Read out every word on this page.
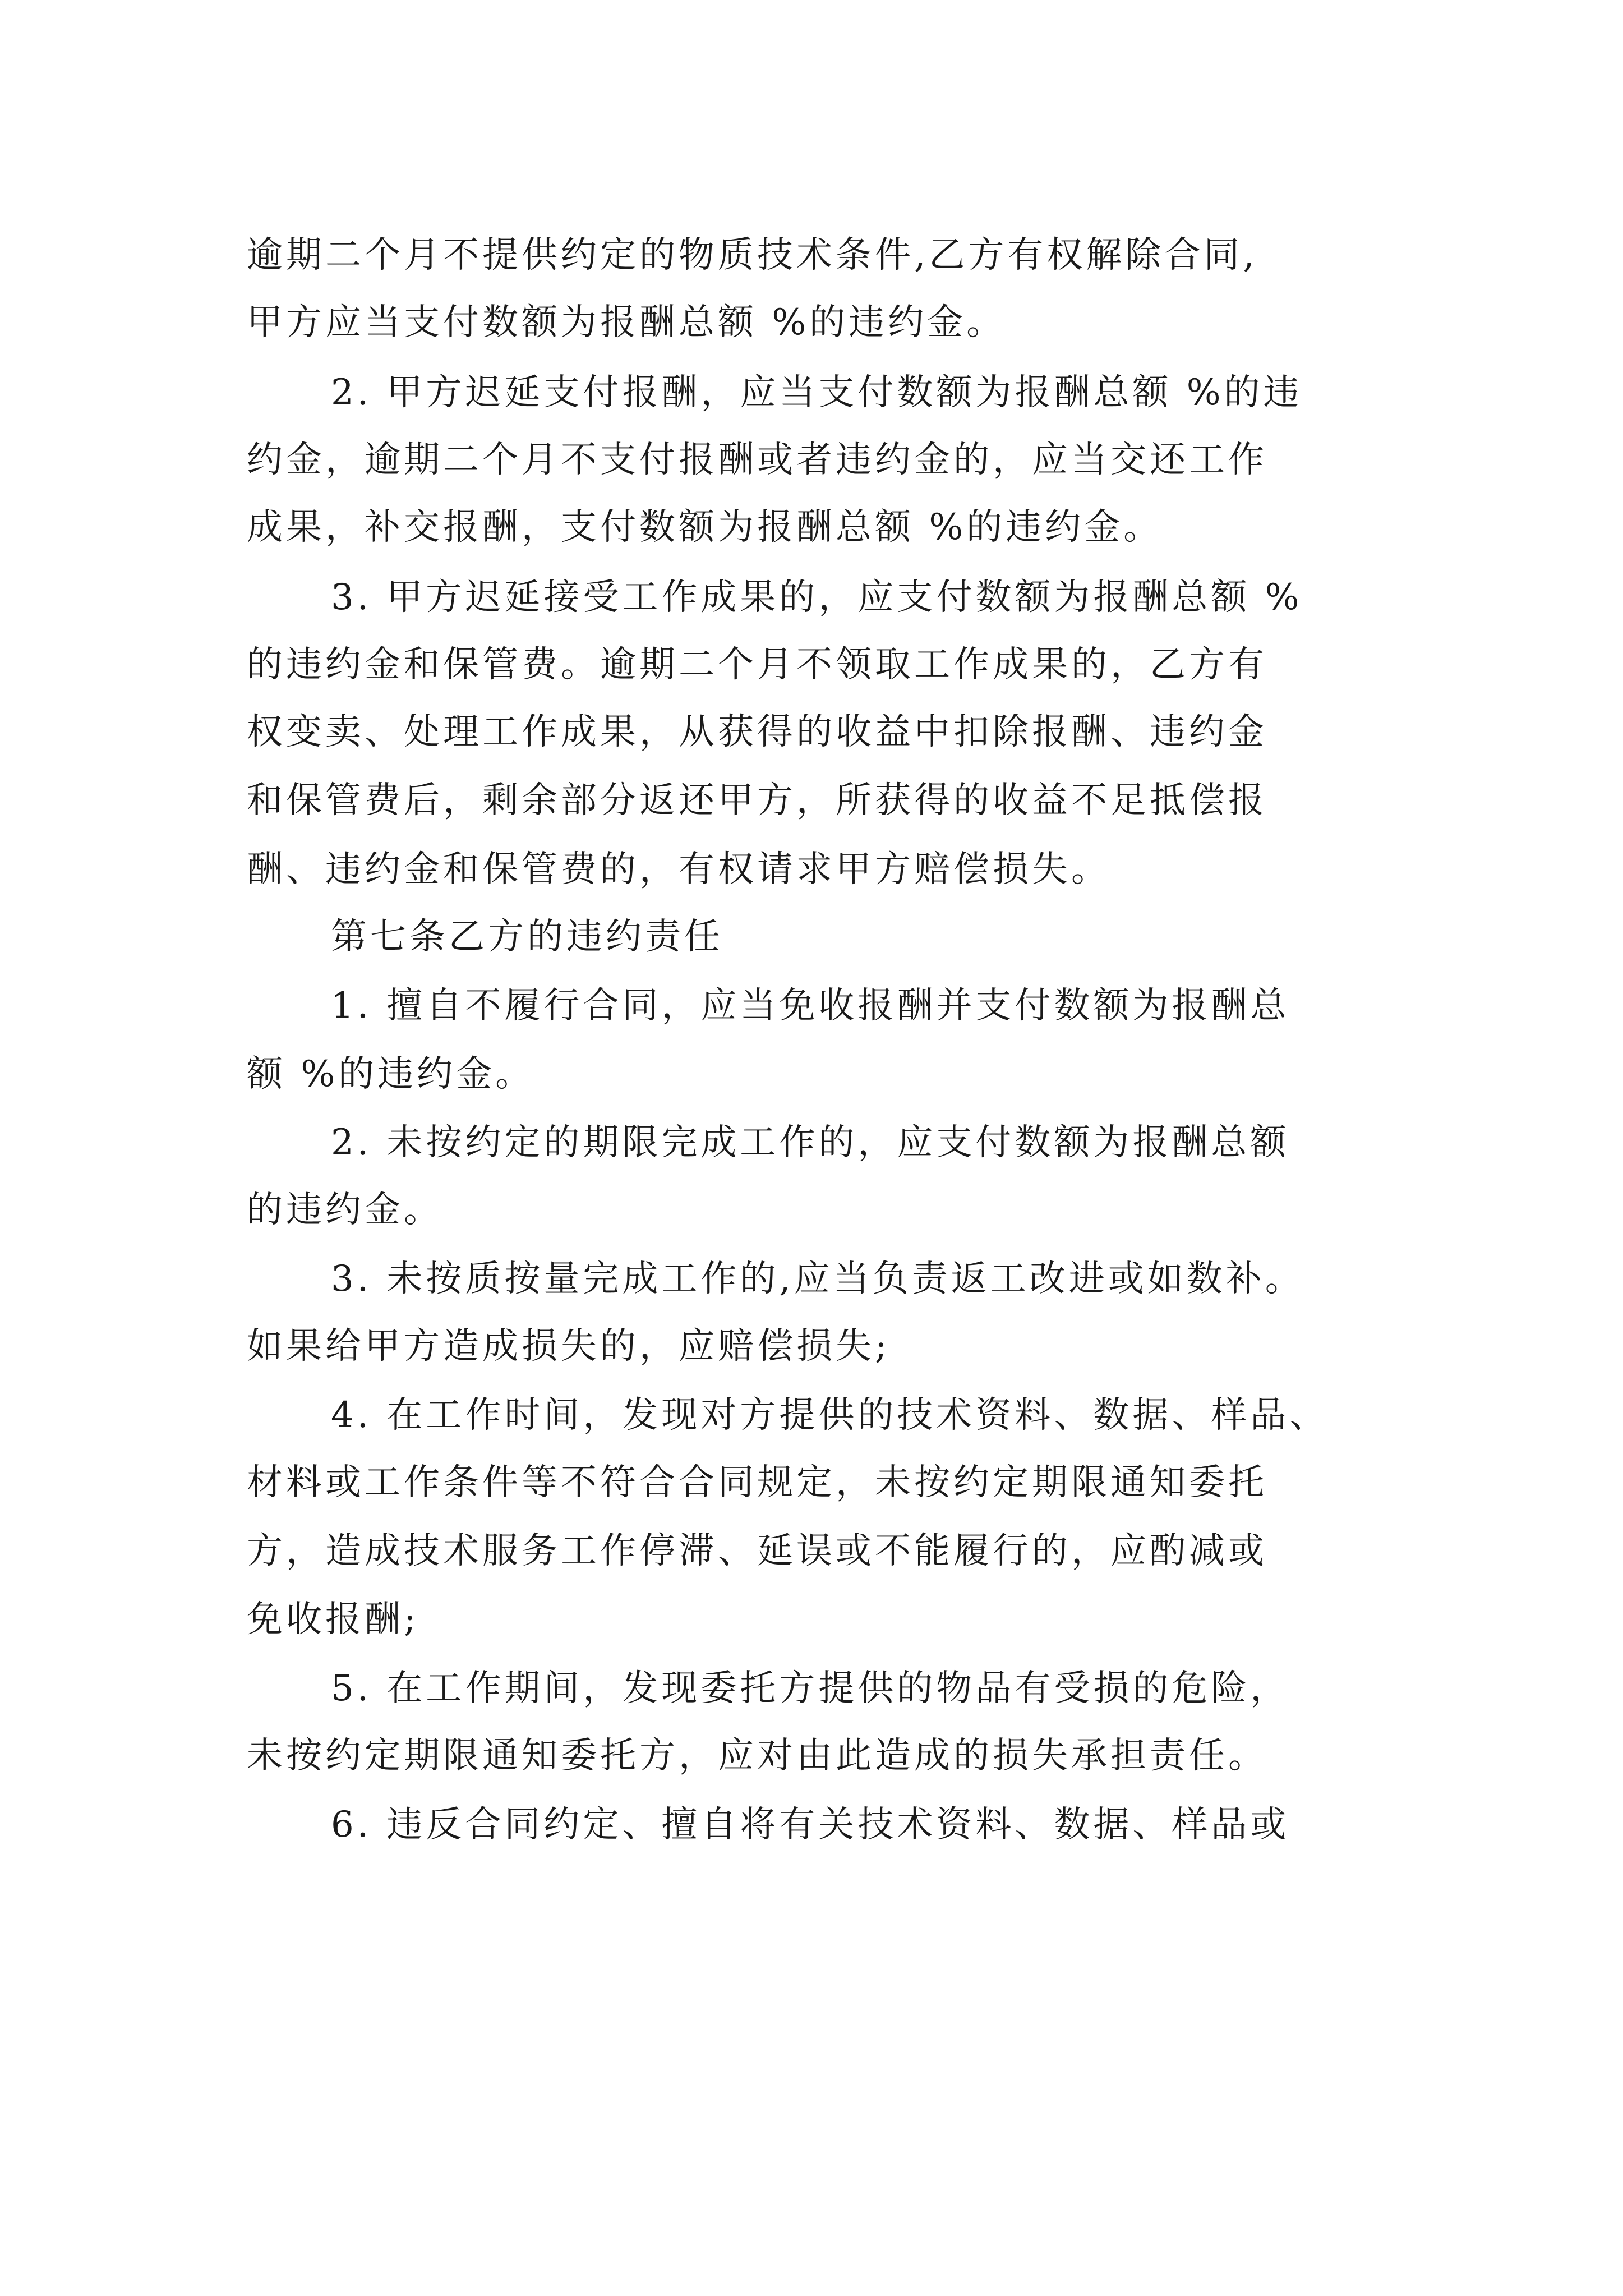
逾期二个月不提供约定的物质技术条件,乙方有权解除合同,
甲方应当支付数额为报酬总额 %的违约金。
2. 甲方迟延支付报酬，应当支付数额为报酬总额 %的违
约金，逾期二个月不支付报酬或者违约金的，应当交还工作
成果，补交报酬，支付数额为报酬总额 %的违约金。
3. 甲方迟延接受工作成果的，应支付数额为报酬总额 %
的违约金和保管费。逾期二个月不领取工作成果的，乙方有
权变卖、处理工作成果，从获得的收益中扣除报酬、违约金
和保管费后，剩余部分返还甲方，所获得的收益不足抵偿报
酬、违约金和保管费的，有权请求甲方赔偿损失。
第七条乙方的违约责任
1. 擅自不履行合同，应当免收报酬并支付数额为报酬总
额 %的违约金。
2. 未按约定的期限完成工作的，应支付数额为报酬总额
的违约金。
3. 未按质按量完成工作的,应当负责返工改进或如数补。
如果给甲方造成损失的，应赔偿损失;
4. 在工作时间，发现对方提供的技术资料、数据、样品、
材料或工作条件等不符合合同规定，未按约定期限通知委托
方，造成技术服务工作停滞、延误或不能履行的，应酌减或
免收报酬;
5. 在工作期间，发现委托方提供的物品有受损的危险，
未按约定期限通知委托方，应对由此造成的损失承担责任。
6. 违反合同约定、擅自将有关技术资料、数据、样品或
